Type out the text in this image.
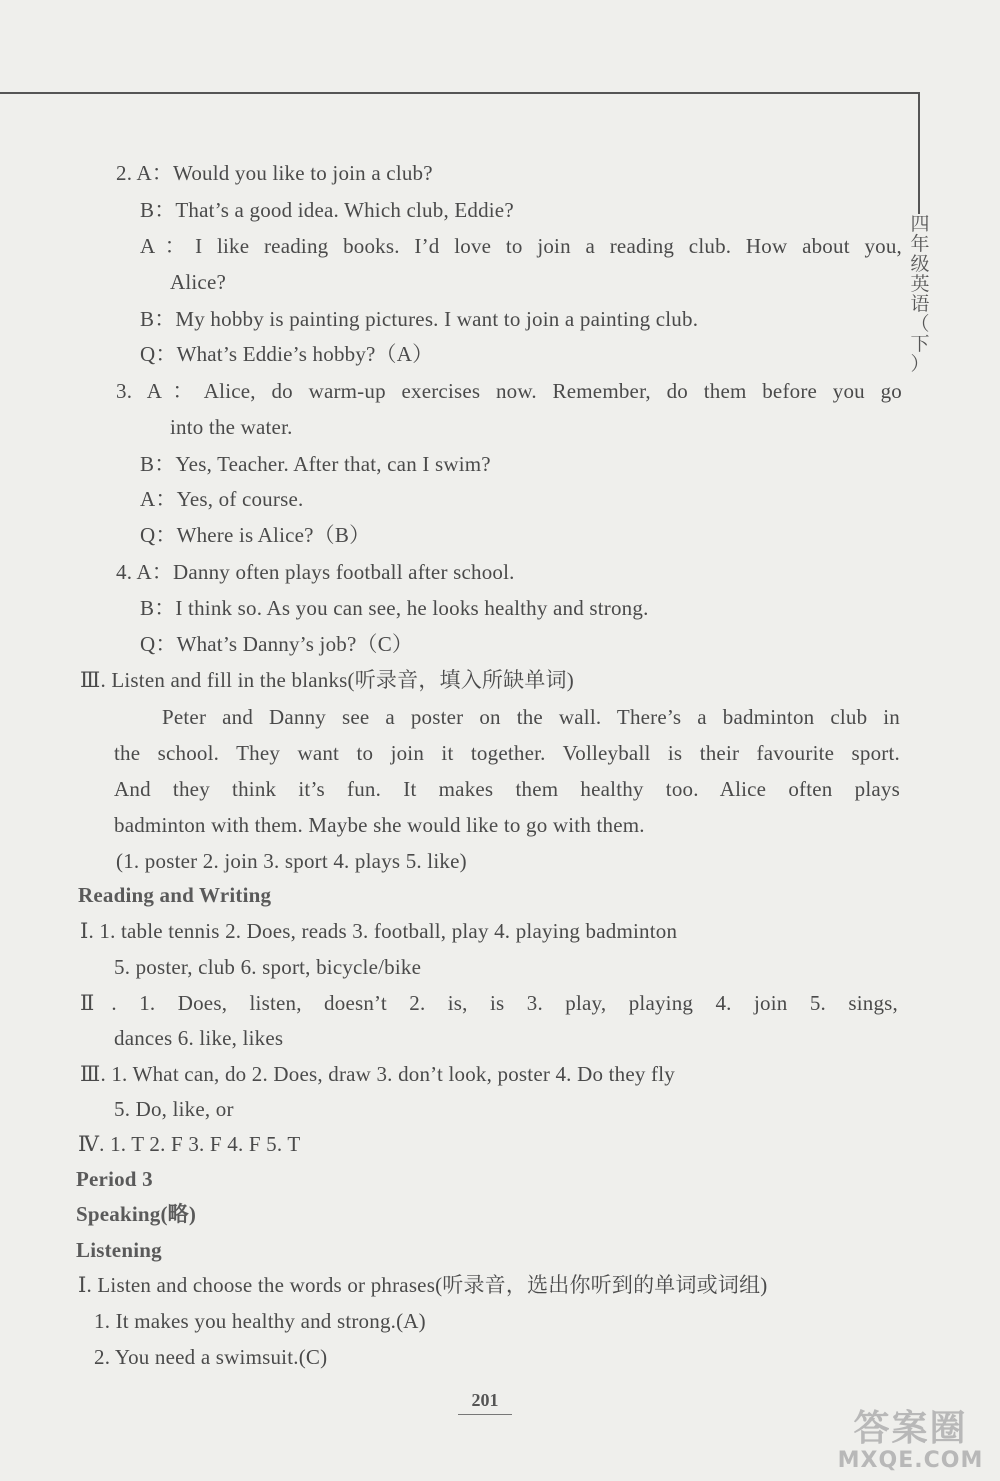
四
年
级
英
语
（
下
）
2. A：Would you like to join a club?
B：That’s a good idea. Which club, Eddie?
A：I like reading books. I’d love to join a reading club. How about you,
Alice?
B：My hobby is painting pictures. I want to join a painting club.
Q：What’s Eddie’s hobby?（A）
3. A：Alice, do warm-up exercises now. Remember, do them before you go
into the water.
B：Yes, Teacher. After that, can I swim?
A：Yes, of course.
Q：Where is Alice?（B）
4. A：Danny often plays football after school.
B：I think so. As you can see, he looks healthy and strong.
Q：What’s Danny’s job?（C）
Ⅲ. Listen and fill in the blanks(听录音，填入所缺单词)
Peter and Danny see a poster on the wall. There’s a badminton club in
the school. They want to join it together. Volleyball is their favourite sport.
And they think it’s fun. It makes them healthy too. Alice often plays
badminton with them. Maybe she would like to go with them.
(1. poster 2. join 3. sport 4. plays 5. like)
Reading and Writing
Ⅰ. 1. table tennis 2. Does, reads 3. football, play 4. playing badminton
5. poster, club 6. sport, bicycle/bike
Ⅱ. 1. Does, listen, doesn’t 2. is, is 3. play, playing 4. join 5. sings,
dances 6. like, likes
Ⅲ. 1. What can, do 2. Does, draw 3. don’t look, poster 4. Do they fly
5. Do, like, or
Ⅳ. 1. T 2. F 3. F 4. F 5. T
Period 3
Speaking(略)
Listening
Ⅰ. Listen and choose the words or phrases(听录音，选出你听到的单词或词组)
1. It makes you healthy and strong.(A)
2. You need a swimsuit.(C)
201
答案圈
MXQE.COM
